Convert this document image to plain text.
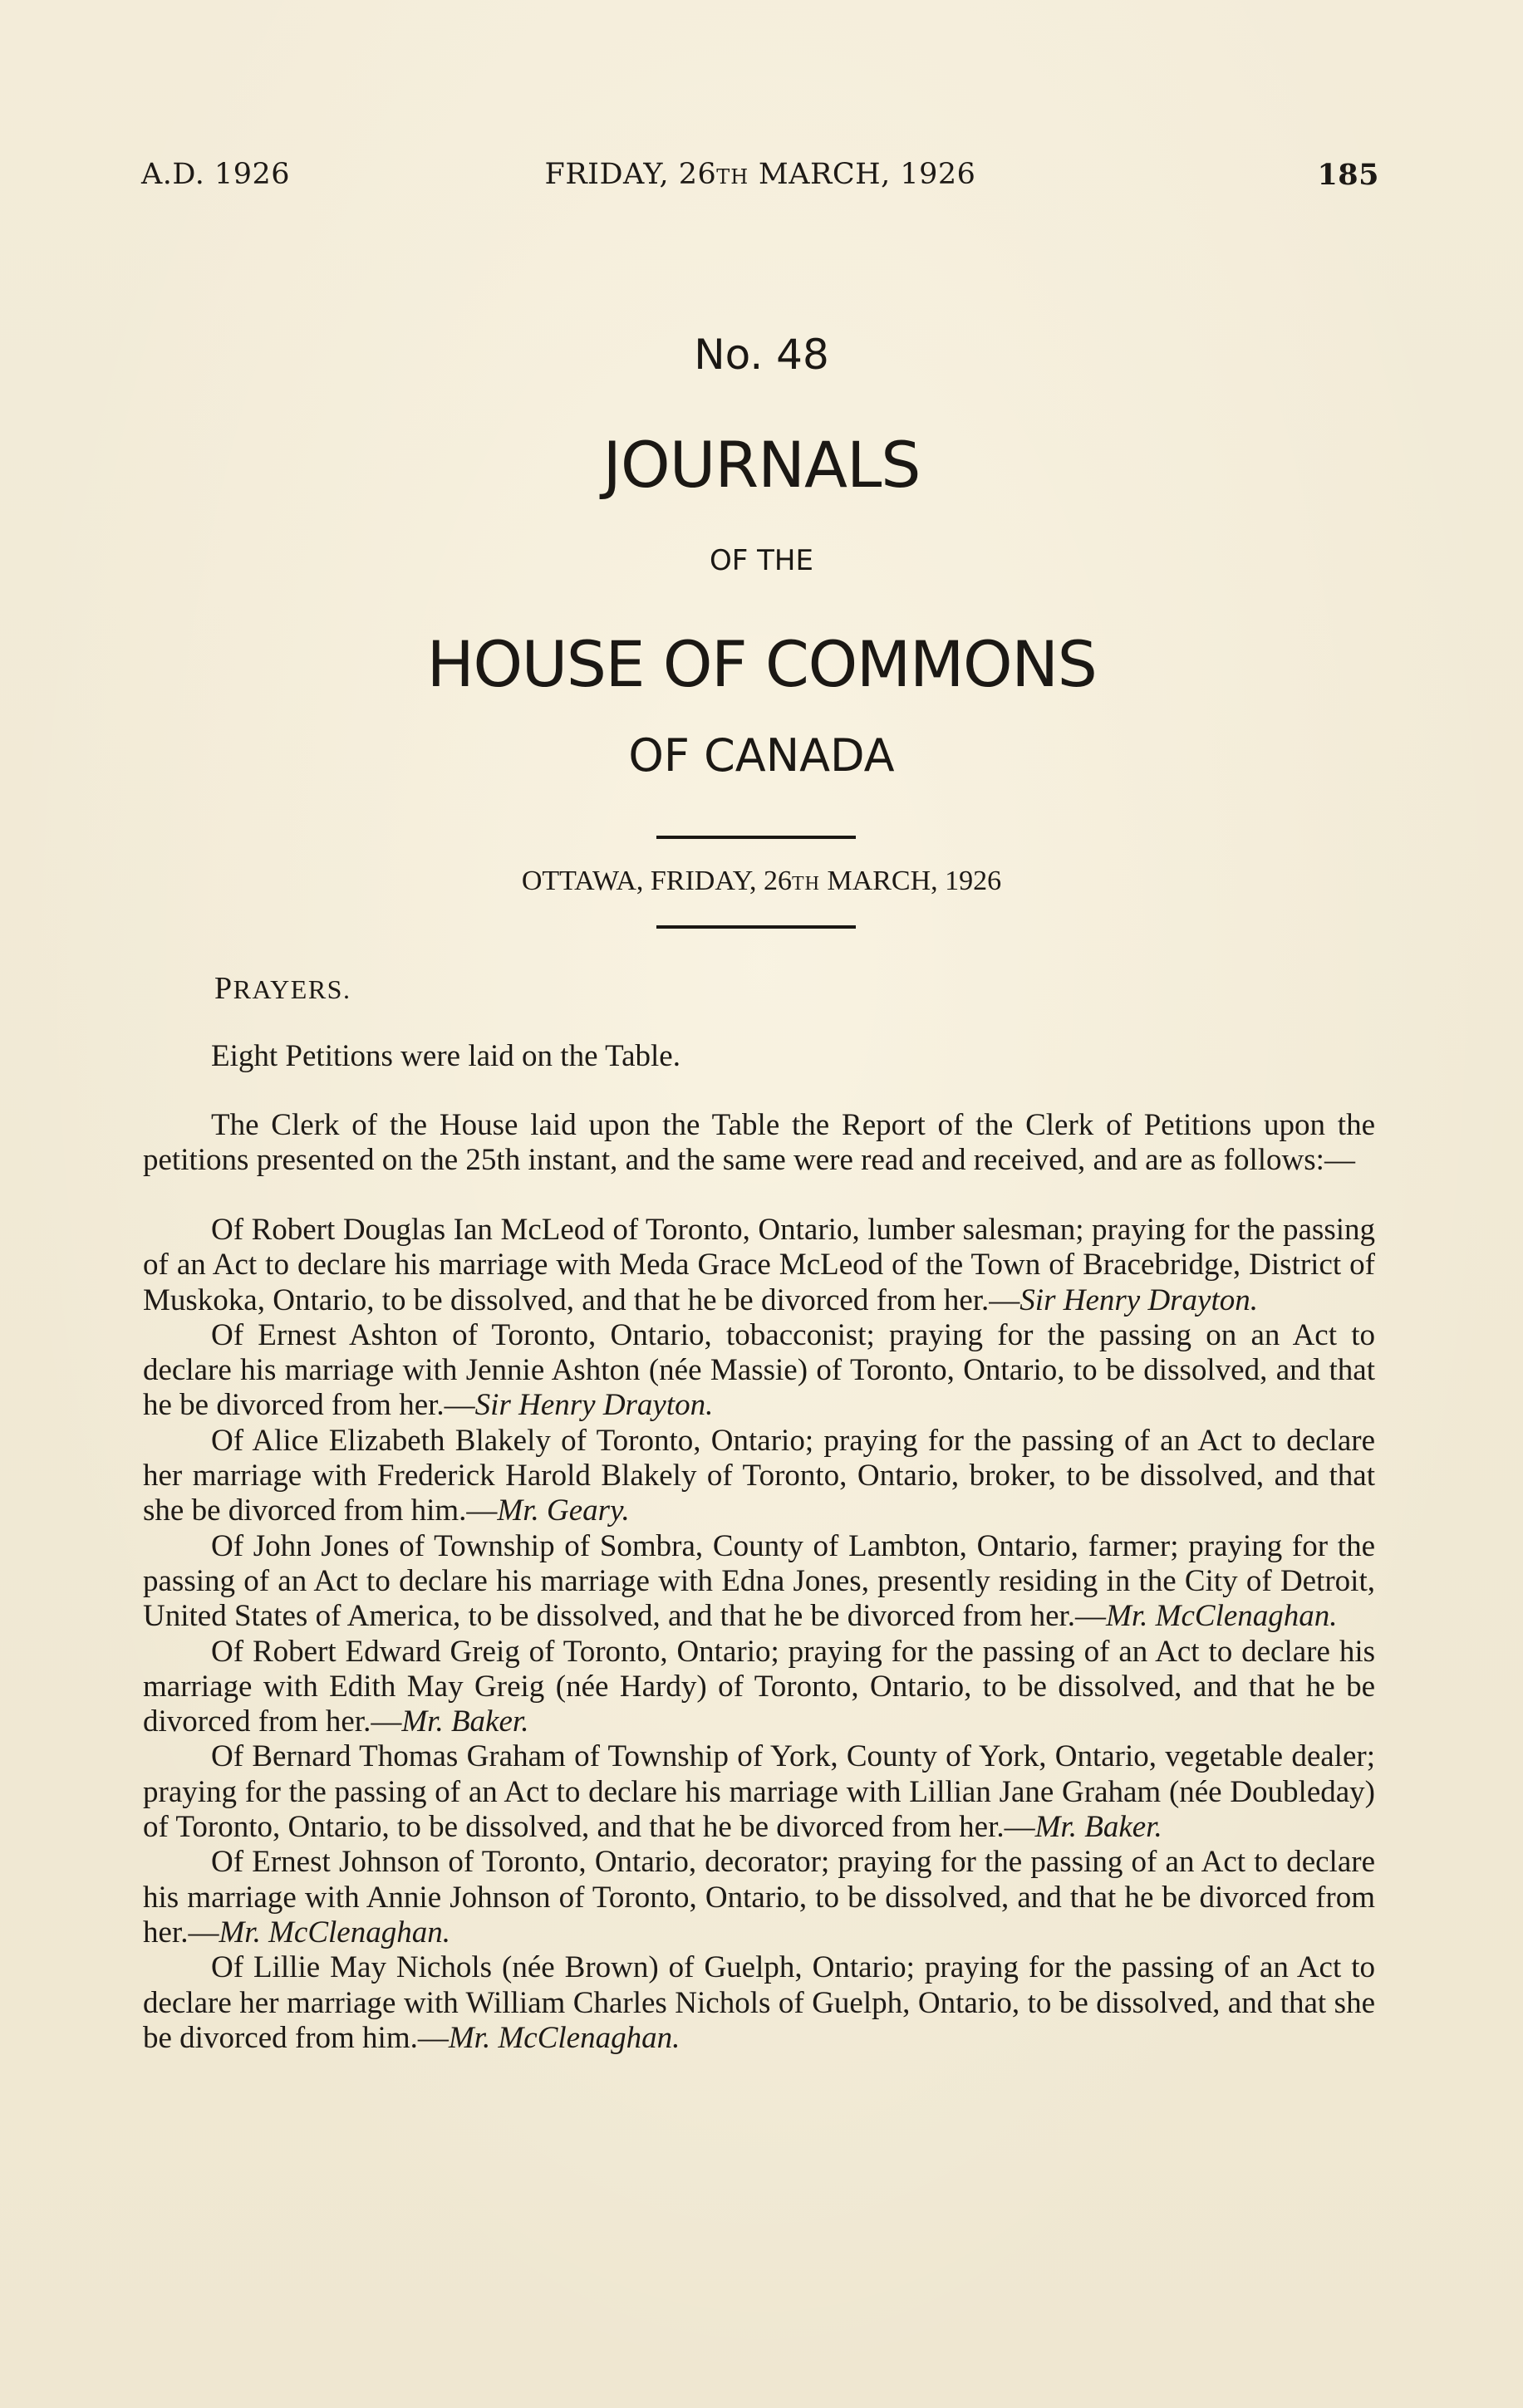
A.D. 1926	FRIDAY, 26TH MARCH, 1926	185
No. 48
JOURNALS
OF THE
HOUSE OF COMMONS
OF CANADA
OTTAWA, FRIDAY, 26TH MARCH, 1926
PRAYERS.
Eight Petitions were laid on the Table.

The Clerk of the House laid upon the Table the Report of the Clerk of Petitions upon the petitions presented on the 25th instant, and the same were read and received, and are as follows:—

Of Robert Douglas Ian McLeod of Toronto, Ontario, lumber salesman; praying for the passing of an Act to declare his marriage with Meda Grace McLeod of the Town of Bracebridge, District of Muskoka, Ontario, to be dissolved, and that he be divorced from her.—Sir Henry Drayton.

Of Ernest Ashton of Toronto, Ontario, tobacconist; praying for the passing on an Act to declare his marriage with Jennie Ashton (née Massie) of Toronto, Ontario, to be dissolved, and that he be divorced from her.—Sir Henry Drayton.

Of Alice Elizabeth Blakely of Toronto, Ontario; praying for the passing of an Act to declare her marriage with Frederick Harold Blakely of Toronto, Ontario, broker, to be dissolved, and that she be divorced from him.—Mr. Geary.

Of John Jones of Township of Sombra, County of Lambton, Ontario, farmer; praying for the passing of an Act to declare his marriage with Edna Jones, presently residing in the City of Detroit, United States of America, to be dissolved, and that he be divorced from her.—Mr. McClenaghan.

Of Robert Edward Greig of Toronto, Ontario; praying for the passing of an Act to declare his marriage with Edith May Greig (née Hardy) of Toronto, Ontario, to be dissolved, and that he be divorced from her.—Mr. Baker.

Of Bernard Thomas Graham of Township of York, County of York, Ontario, vegetable dealer; praying for the passing of an Act to declare his marriage with Lillian Jane Graham (née Doubleday) of Toronto, Ontario, to be dissolved, and that he be divorced from her.—Mr. Baker.

Of Ernest Johnson of Toronto, Ontario, decorator; praying for the passing of an Act to declare his marriage with Annie Johnson of Toronto, Ontario, to be dissolved, and that he be divorced from her.—Mr. McClenaghan.

Of Lillie May Nichols (née Brown) of Guelph, Ontario; praying for the passing of an Act to declare her marriage with William Charles Nichols of Guelph, Ontario, to be dissolved, and that she be divorced from him.—Mr. McClenaghan.
